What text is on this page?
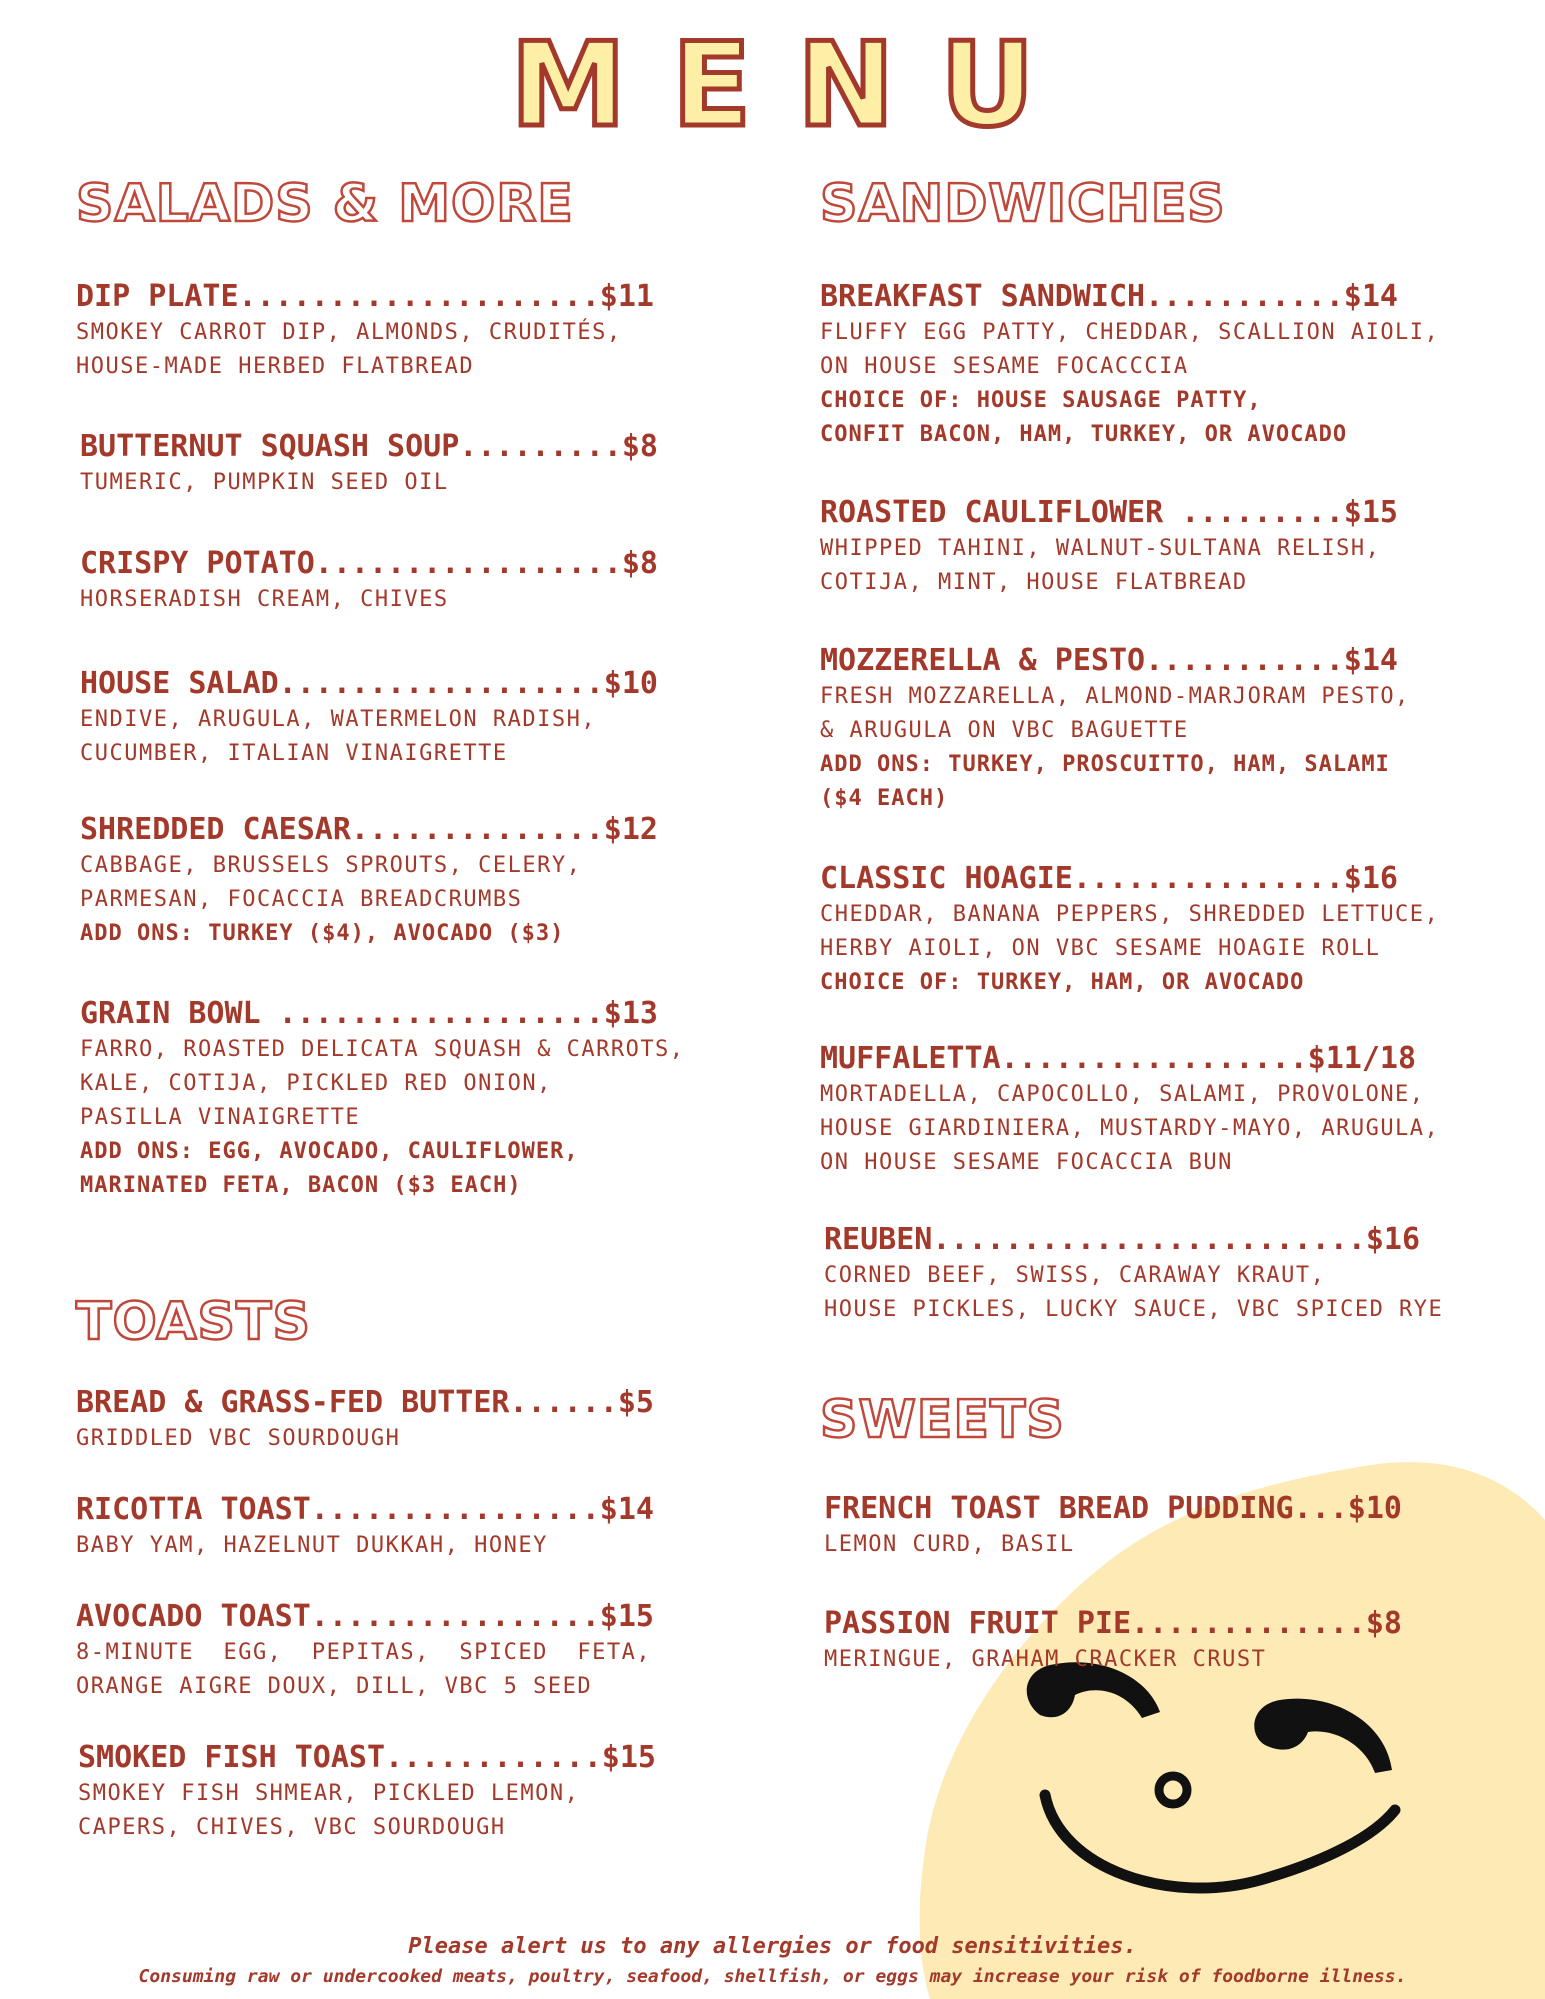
MENU
SALADS & MORE
DIP PLATE....................$11
SMOKEY CARROT DIP, ALMONDS, CRUDITÉS,
HOUSE-MADE HERBED FLATBREAD
BUTTERNUT SQUASH SOUP.........$8
TUMERIC, PUMPKIN SEED OIL
CRISPY POTATO.................$8
HORSERADISH CREAM, CHIVES
HOUSE SALAD..................$10
ENDIVE, ARUGULA, WATERMELON RADISH,
CUCUMBER, ITALIAN VINAIGRETTE
SHREDDED CAESAR..............$12
CABBAGE, BRUSSELS SPROUTS, CELERY,
PARMESAN, FOCACCIA BREADCRUMBS
ADD ONS: TURKEY ($4), AVOCADO ($3)
GRAIN BOWL ..................$13
FARRO, ROASTED DELICATA SQUASH & CARROTS,
KALE, COTIJA, PICKLED RED ONION,
PASILLA VINAIGRETTE
ADD ONS: EGG, AVOCADO, CAULIFLOWER,
MARINATED FETA, BACON ($3 EACH)
TOASTS
BREAD & GRASS-FED BUTTER......$5
GRIDDLED VBC SOURDOUGH
RICOTTA TOAST................$14
BABY YAM, HAZELNUT DUKKAH, HONEY
AVOCADO TOAST................$15
8-MINUTE  EGG,  PEPITAS,  SPICED  FETA,
ORANGE AIGRE DOUX, DILL, VBC 5 SEED
SMOKED FISH TOAST............$15
SMOKEY FISH SHMEAR, PICKLED LEMON,
CAPERS, CHIVES, VBC SOURDOUGH
SANDWICHES
BREAKFAST SANDWICH...........$14
FLUFFY EGG PATTY, CHEDDAR, SCALLION AIOLI,
ON HOUSE SESAME FOCACCCIA
CHOICE OF: HOUSE SAUSAGE PATTY,
CONFIT BACON, HAM, TURKEY, OR AVOCADO
ROASTED CAULIFLOWER .........$15
WHIPPED TAHINI, WALNUT-SULTANA RELISH,
COTIJA, MINT, HOUSE FLATBREAD
MOZZERELLA & PESTO...........$14
FRESH MOZZARELLA, ALMOND-MARJORAM PESTO,
& ARUGULA ON VBC BAGUETTE
ADD ONS: TURKEY, PROSCUITTO, HAM, SALAMI
($4 EACH)
CLASSIC HOAGIE...............$16
CHEDDAR, BANANA PEPPERS, SHREDDED LETTUCE,
HERBY AIOLI, ON VBC SESAME HOAGIE ROLL
CHOICE OF: TURKEY, HAM, OR AVOCADO
MUFFALETTA.................$11/18
MORTADELLA, CAPOCOLLO, SALAMI, PROVOLONE,
HOUSE GIARDINIERA, MUSTARDY-MAYO, ARUGULA,
ON HOUSE SESAME FOCACCIA BUN
REUBEN........................$16
CORNED BEEF, SWISS, CARAWAY KRAUT,
HOUSE PICKLES, LUCKY SAUCE, VBC SPICED RYE
SWEETS
FRENCH TOAST BREAD PUDDING...$10
LEMON CURD, BASIL
PASSION FRUIT PIE.............$8
MERINGUE, GRAHAM CRACKER CRUST
Please alert us to any allergies or food sensitivities.
Consuming raw or undercooked meats, poultry, seafood, shellfish, or eggs may increase your risk of foodborne illness.
